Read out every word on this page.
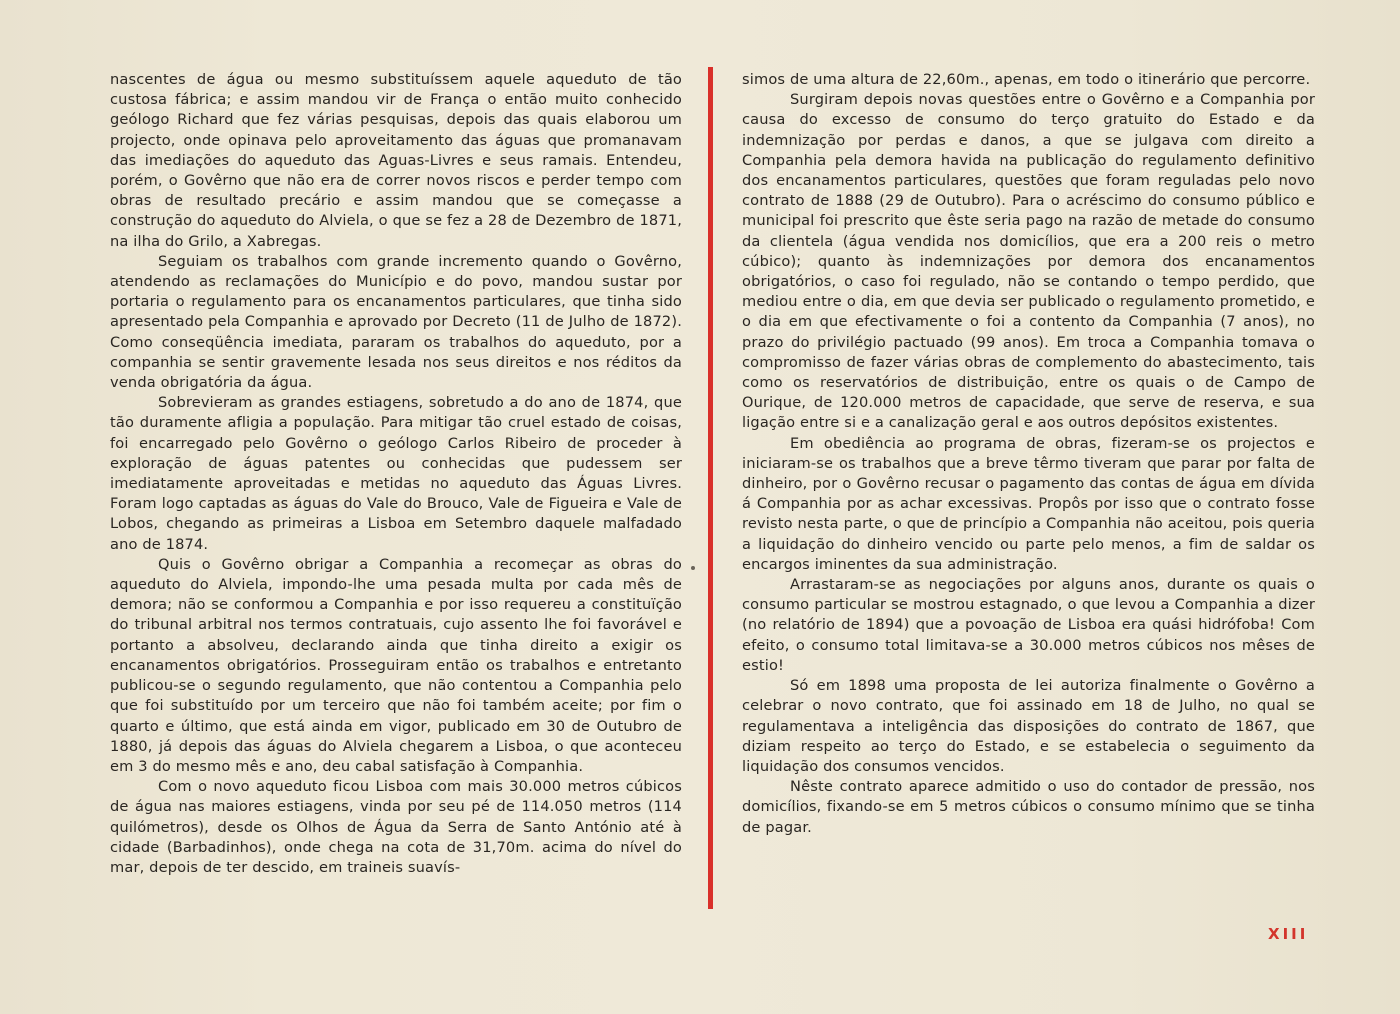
nascentes de água ou mesmo substituíssem aquele aqueduto de tão custosa fábrica; e assim mandou vir de França o então muito conhecido geólogo Richard que fez várias pesquisas, depois das quais elaborou um projecto, onde opinava pelo aproveitamento das águas que promanavam das imediações do aqueduto das Aguas-Livres e seus ramais. Entendeu, porém, o Govêrno que não era de correr novos riscos e perder tempo com obras de resultado precário e assim mandou que se começasse a construção do aqueduto do Alviela, o que se fez a 28 de Dezembro de 1871, na ilha do Grilo, a Xabregas.

Seguiam os trabalhos com grande incremento quando o Govêrno, atendendo as reclamações do Município e do povo, mandou sustar por portaria o regulamento para os encanamentos particulares, que tinha sido apresentado pela Companhia e aprovado por Decreto (11 de Julho de 1872). Como conseqüência imediata, pararam os trabalhos do aqueduto, por a companhia se sentir gravemente lesada nos seus direitos e nos réditos da venda obrigatória da água.

Sobrevieram as grandes estiagens, sobretudo a do ano de 1874, que tão duramente afligia a população. Para mitigar tão cruel estado de coisas, foi encarregado pelo Govêrno o geólogo Carlos Ribeiro de proceder à exploração de águas patentes ou conhecidas que pudessem ser imediatamente aproveitadas e metidas no aqueduto das Águas Livres. Foram logo captadas as águas do Vale do Brouco, Vale de Figueira e Vale de Lobos, chegando as primeiras a Lisboa em Setembro daquele malfadado ano de 1874.

Quis o Govêrno obrigar a Companhia a recomeçar as obras do aqueduto do Alviela, impondo-lhe uma pesada multa por cada mês de demora; não se conformou a Companhia e por isso requereu a constituïção do tribunal arbitral nos termos contratuais, cujo assento lhe foi favorável e portanto a absolveu, declarando ainda que tinha direito a exigir os encanamentos obrigatórios. Prosseguiram então os trabalhos e entretanto publicou-se o segundo regulamento, que não contentou a Companhia pelo que foi substituído por um terceiro que não foi também aceite; por fim o quarto e último, que está ainda em vigor, publicado em 30 de Outubro de 1880, já depois das águas do Alviela chegarem a Lisboa, o que aconteceu em 3 do mesmo mês e ano, deu cabal satisfação à Companhia.

Com o novo aqueduto ficou Lisboa com mais 30.000 metros cúbicos de água nas maiores estiagens, vinda por seu pé de 114.050 metros (114 quilómetros), desde os Olhos de Água da Serra de Santo António até à cidade (Barbadinhos), onde chega na cota de 31,70m. acima do nível do mar, depois de ter descido, em traineis suavís-

simos de uma altura de 22,60m., apenas, em todo o itinerário que percorre.

Surgiram depois novas questões entre o Govêrno e a Companhia por causa do excesso de consumo do terço gratuito do Estado e da indemnização por perdas e danos, a que se julgava com direito a Companhia pela demora havida na publicação do regulamento definitivo dos encanamentos particulares, questões que foram reguladas pelo novo contrato de 1888 (29 de Outubro). Para o acréscimo do consumo público e municipal foi prescrito que êste seria pago na razão de metade do consumo da clientela (água vendida nos domicílios, que era a 200 reis o metro cúbico); quanto às indemnizações por demora dos encanamentos obrigatórios, o caso foi regulado, não se contando o tempo perdido, que mediou entre o dia, em que devia ser publicado o regulamento prometido, e o dia em que efectivamente o foi a contento da Companhia (7 anos), no prazo do privilégio pactuado (99 anos). Em troca a Companhia tomava o compromisso de fazer várias obras de complemento do abastecimento, tais como os reservatórios de distribuição, entre os quais o de Campo de Ourique, de 120.000 metros de capacidade, que serve de reserva, e sua ligação entre si e a canalização geral e aos outros depósitos existentes.

Em obediência ao programa de obras, fizeram-se os projectos e iniciaram-se os trabalhos que a breve têrmo tiveram que parar por falta de dinheiro, por o Govêrno recusar o pagamento das contas de água em dívida á Companhia por as achar excessivas. Propôs por isso que o contrato fosse revisto nesta parte, o que de princípio a Companhia não aceitou, pois queria a liquidação do dinheiro vencido ou parte pelo menos, a fim de saldar os encargos iminentes da sua administração.

Arrastaram-se as negociações por alguns anos, durante os quais o consumo particular se mostrou estagnado, o que levou a Companhia a dizer (no relatório de 1894) que a povoação de Lisboa era quási hidrófoba! Com efeito, o consumo total limitava-se a 30.000 metros cúbicos nos mêses de estio!

Só em 1898 uma proposta de lei autoriza finalmente o Govêrno a celebrar o novo contrato, que foi assinado em 18 de Julho, no qual se regulamentava a inteligência das disposições do contrato de 1867, que diziam respeito ao terço do Estado, e se estabelecia o seguimento da liquidação dos consumos vencidos.

Nêste contrato aparece admitido o uso do contador de pressão, nos domicílios, fixando-se em 5 metros cúbicos o consumo mínimo que se tinha de pagar.

XIII
